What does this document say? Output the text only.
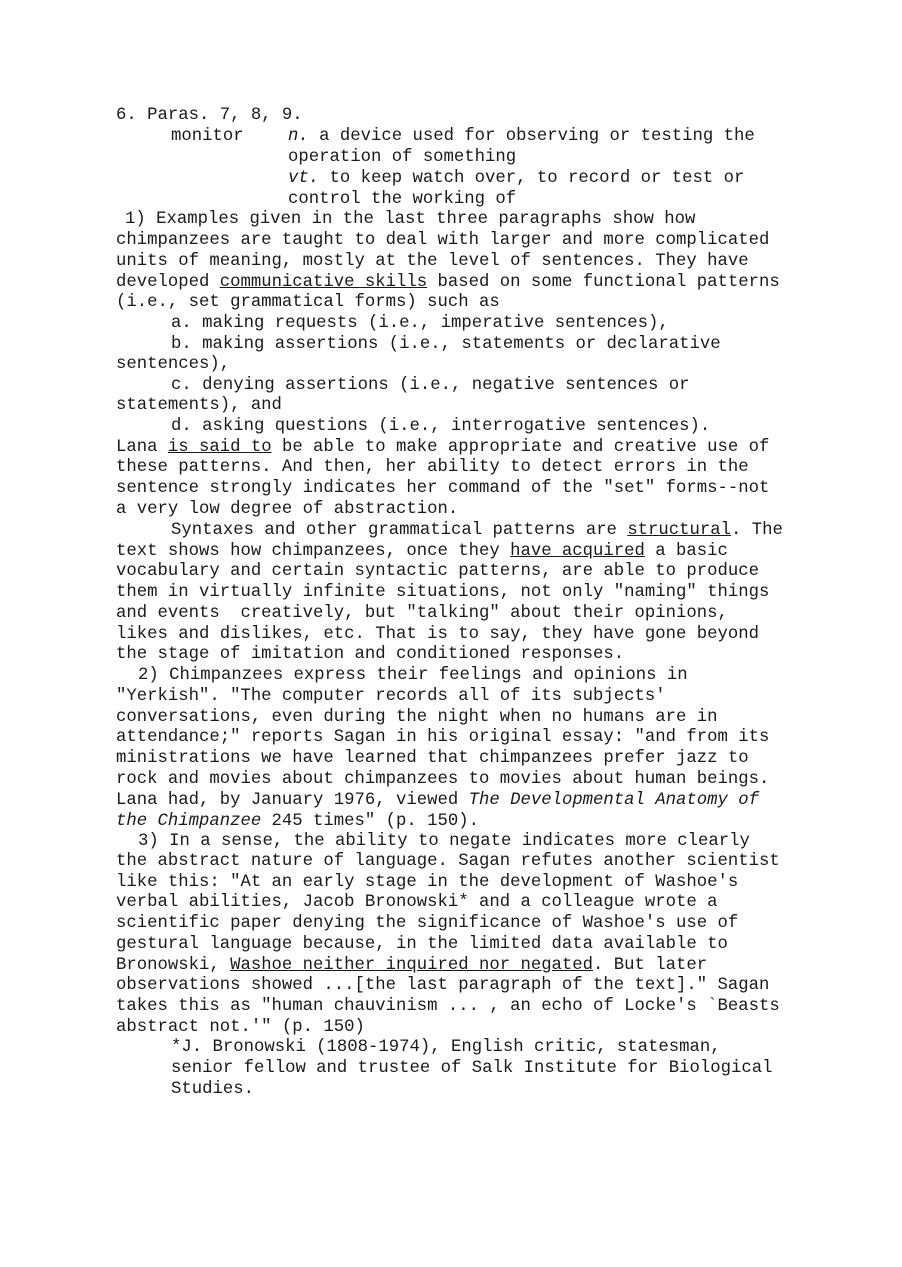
6. Paras. 7, 8, 9.
monitor	n.
a device used for observing or testing the
operation of something
vt. to keep watch over, to record or test or
control the working of
1) Examples given in the last three paragraphs show how
chimpanzees are taught to deal with larger and more complicated
units of meaning, mostly at the level of sentences. They have
developed communicative skills based on some functional patterns
(i.e., set grammatical forms) such as
a. making requests (i.e., imperative sentences),
b. making assertions (i.e., statements or declarative
sentences),
c. denying assertions (i.e., negative sentences or
statements), and
d. asking questions (i.e., interrogative sentences).
Lana is said to be able to make appropriate and creative use of
these patterns. And then, her ability to detect errors in the
sentence strongly indicates her command of the "set" forms--not
a very low degree of abstraction.
Syntaxes and other grammatical patterns are structural. The
text shows how chimpanzees, once they have acquired a basic
vocabulary and certain syntactic patterns, are able to produce
them in virtually infinite situations, not only "naming" things
and events  creatively, but "talking" about their opinions,
likes and dislikes, etc. That is to say, they have gone beyond
the stage of imitation and conditioned responses.
2) Chimpanzees express their feelings and opinions in
"Yerkish". "The computer records all of its subjects'
conversations, even during the night when no humans are in
attendance;" reports Sagan in his original essay: "and from its
ministrations we have learned that chimpanzees prefer jazz to
rock and movies about chimpanzees to movies about human beings.
Lana had, by January 1976, viewed The Developmental Anatomy of
the Chimpanzee 245 times" (p. 150).
3) In a sense, the ability to negate indicates more clearly
the abstract nature of language. Sagan refutes another scientist
like this: "At an early stage in the development of Washoe's
verbal abilities, Jacob Bronowski* and a colleague wrote a
scientific paper denying the significance of Washoe's use of
gestural language because, in the limited data available to
Bronowski, Washoe neither inquired nor negated. But later
observations showed ...[the last paragraph of the text]." Sagan
takes this as "human chauvinism ... , an echo of Locke's `Beasts
abstract not.'" (p. 150)
*J. Bronowski (1808-1974), English critic, statesman,
senior fellow and trustee of Salk Institute for Biological
Studies.
